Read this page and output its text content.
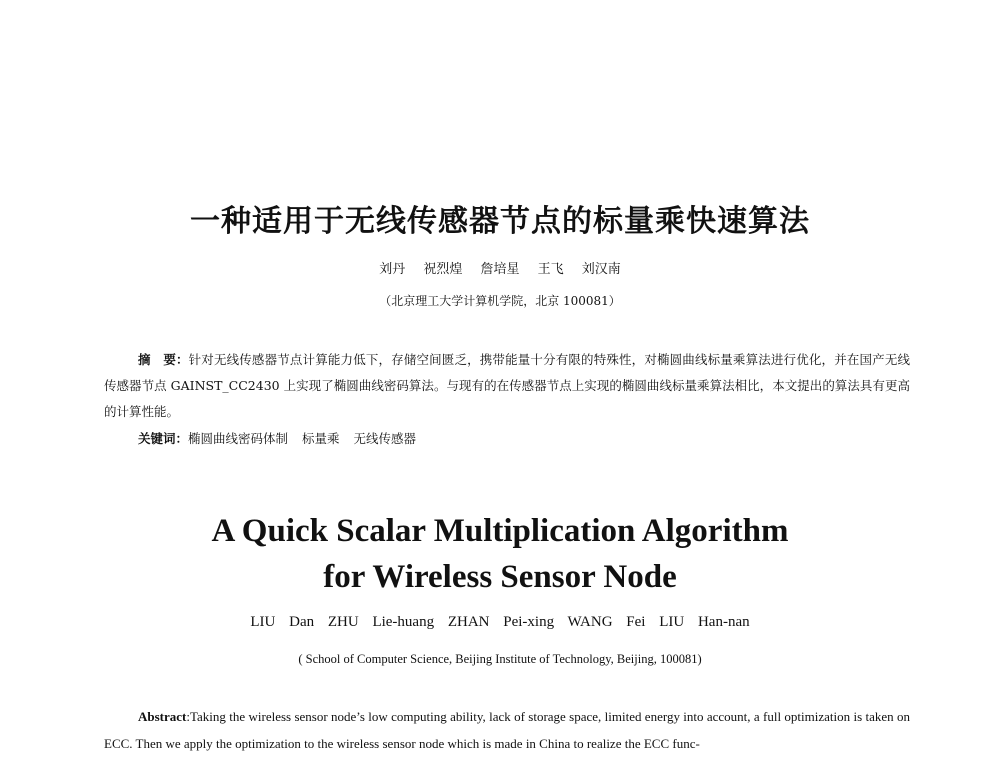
一种适用于无线传感器节点的标量乘快速算法
刘丹 祝烈煌 詹培星 王飞 刘汉南
（北京理工大学计算机学院，北京 100081）
摘　要：针对无线传感器节点计算能力低下，存储空间匮乏，携带能量十分有限的特殊性，对椭圆曲线标量乘算法进行优化，并在国产无线传感器节点 GAINST_CC2430 上实现了椭圆曲线密码算法。与现有的在传感器节点上实现的椭圆曲线标量乘算法相比，本文提出的算法具有更高的计算性能。
关键词：椭圆曲线密码体制 标量乘 无线传感器
A Quick Scalar Multiplication Algorithm
for Wireless Sensor Node
LIU Dan ZHU Lie-huang ZHAN Pei-xing WANG Fei LIU Han-nan
( School of Computer Science, Beijing Institute of Technology, Beijing, 100081)
Abstract:Taking the wireless sensor node’s low computing ability, lack of storage space, limited energy into account, a full optimization is taken on ECC. Then we apply the optimization to the wireless sensor node which is made in China to realize the ECC func-
